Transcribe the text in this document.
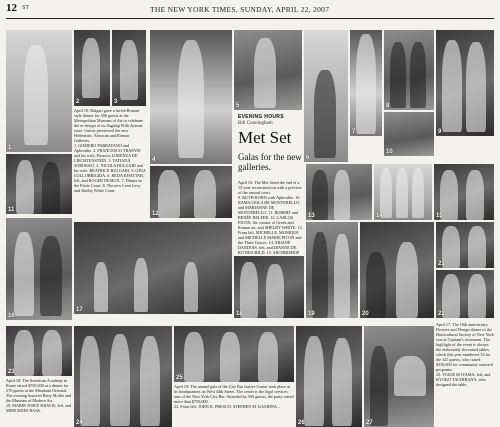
12 ST	THE NEW YORK TIMES, SUNDAY, APRIL 22, 2007
1
2	3
4
5
6
7
8
9
April 10: Bulgari gave a lavish Roman-style dinner for 300 guests at the Metropolitan Museum of Art to celebrate the re-design of its flagship Fifth Avenue store. Guests previewed the new Hellenistic, Etruscan and Roman Galleries.
1. GOMERO PARRAVANO and Aphrodite. 2. FRANCESCO TRAPANI and his wife, Princess LORENZA DE LIECHTENSTEIN. 3. TATIANA SOROKKO. 4. NICOLA BULGARI and his wife, BEATRICE BULGARI. 5. GINA LOLLOBRIGIDA. 6. REDA KHATTAB, left, and ROGER DESIGN. 7. Dinner in the Petrie Court. 8. The new Leon Levy and Shelby White Court.
EVENING HOURS
Bill Cunningham
Met Set
Galas for the new galleries.
April 16: The Met listed the end of a 15-year reconstruction with a preview of the central court.
9. RUTH KOHN with Aphrodite. 10. RAMA LEILA DE MONTEBELLO and MARIANNE DE MONTEBELLO. 11. ROBERT and RENÉE BELFER. 12. CARLOS PICON, the curator of Greek and Roman art, and SHELBY WHITE. 13. From left, MICHELLE, MONIQUE and MICHELLE MARIE PICON and the Three Graces. 14. ARIANE DANDOIS, left, and DIANNE DE ROTHSCHILD. 15. ARCHBISHOP
10
11
12	13	14	15
16
17
18	19	20
21
22
23
24
25
26	27
April 18: The American Academy in Rome raised $750,000 at a dinner for 270 guests at the Mandarin Oriental. The evening honored Betty Muller and the Museum of Modern Art.
19. MARIE-JOSEE KRAVIS, left, and MERCEDES BASS.
April 19: The annual gala of the City Bar Justice Center took place at its headquarters on West 44th Street. The center is the legal services arm of the New York City Bar. Attended by 500 guests, the party raised more than $750,000.
22. From left, JOHN K. PRESCO, STEPHEN M. KASHINA...
April 17: The 10th anniversary Flowers and Design dinner of the Horticultural Society of New York was at Cipriani's restaurant. The highlight of the event is always the elaborately decorated tables, which this year numbered 33 for the 325 guests, who raised $350,000 for community outreach programs.
25. YUKIE KOYAMA, left, and KYOKO TACHIBANA, who designed the table.
